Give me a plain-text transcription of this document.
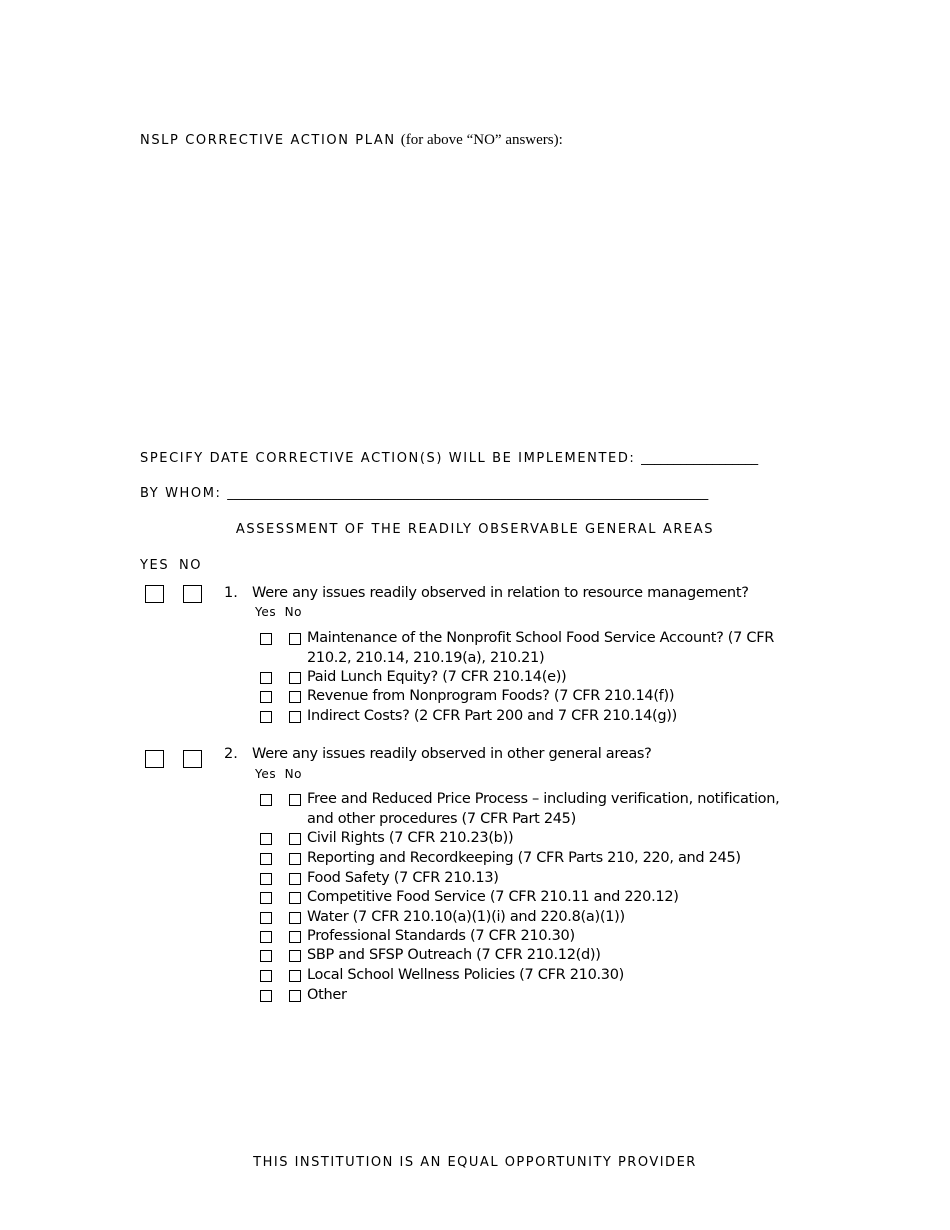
NSLP CORRECTIVE ACTION PLAN (for above “NO” answers):
SPECIFY DATE CORRECTIVE ACTION(S) WILL BE IMPLEMENTED: __________________
BY WHOM: __________________________________________________________________________
ASSESSMENT OF THE READILY OBSERVABLE GENERAL AREAS
YES NO
1. Were any issues readily observed in relation to resource management?
Yes No
Maintenance of the Nonprofit School Food Service Account? (7 CFR 210.2, 210.14, 210.19(a), 210.21)
Paid Lunch Equity? (7 CFR 210.14(e))
Revenue from Nonprogram Foods? (7 CFR 210.14(f))
Indirect Costs? (2 CFR Part 200 and 7 CFR 210.14(g))
2. Were any issues readily observed in other general areas?
Yes No
Free and Reduced Price Process – including verification, notification, and other procedures (7 CFR Part 245)
Civil Rights (7 CFR 210.23(b))
Reporting and Recordkeeping (7 CFR Parts 210, 220, and 245)
Food Safety (7 CFR 210.13)
Competitive Food Service (7 CFR 210.11 and 220.12)
Water (7 CFR 210.10(a)(1)(i) and 220.8(a)(1))
Professional Standards (7 CFR 210.30)
SBP and SFSP Outreach (7 CFR 210.12(d))
Local School Wellness Policies (7 CFR 210.30)
Other
THIS INSTITUTION IS AN EQUAL OPPORTUNITY PROVIDER
